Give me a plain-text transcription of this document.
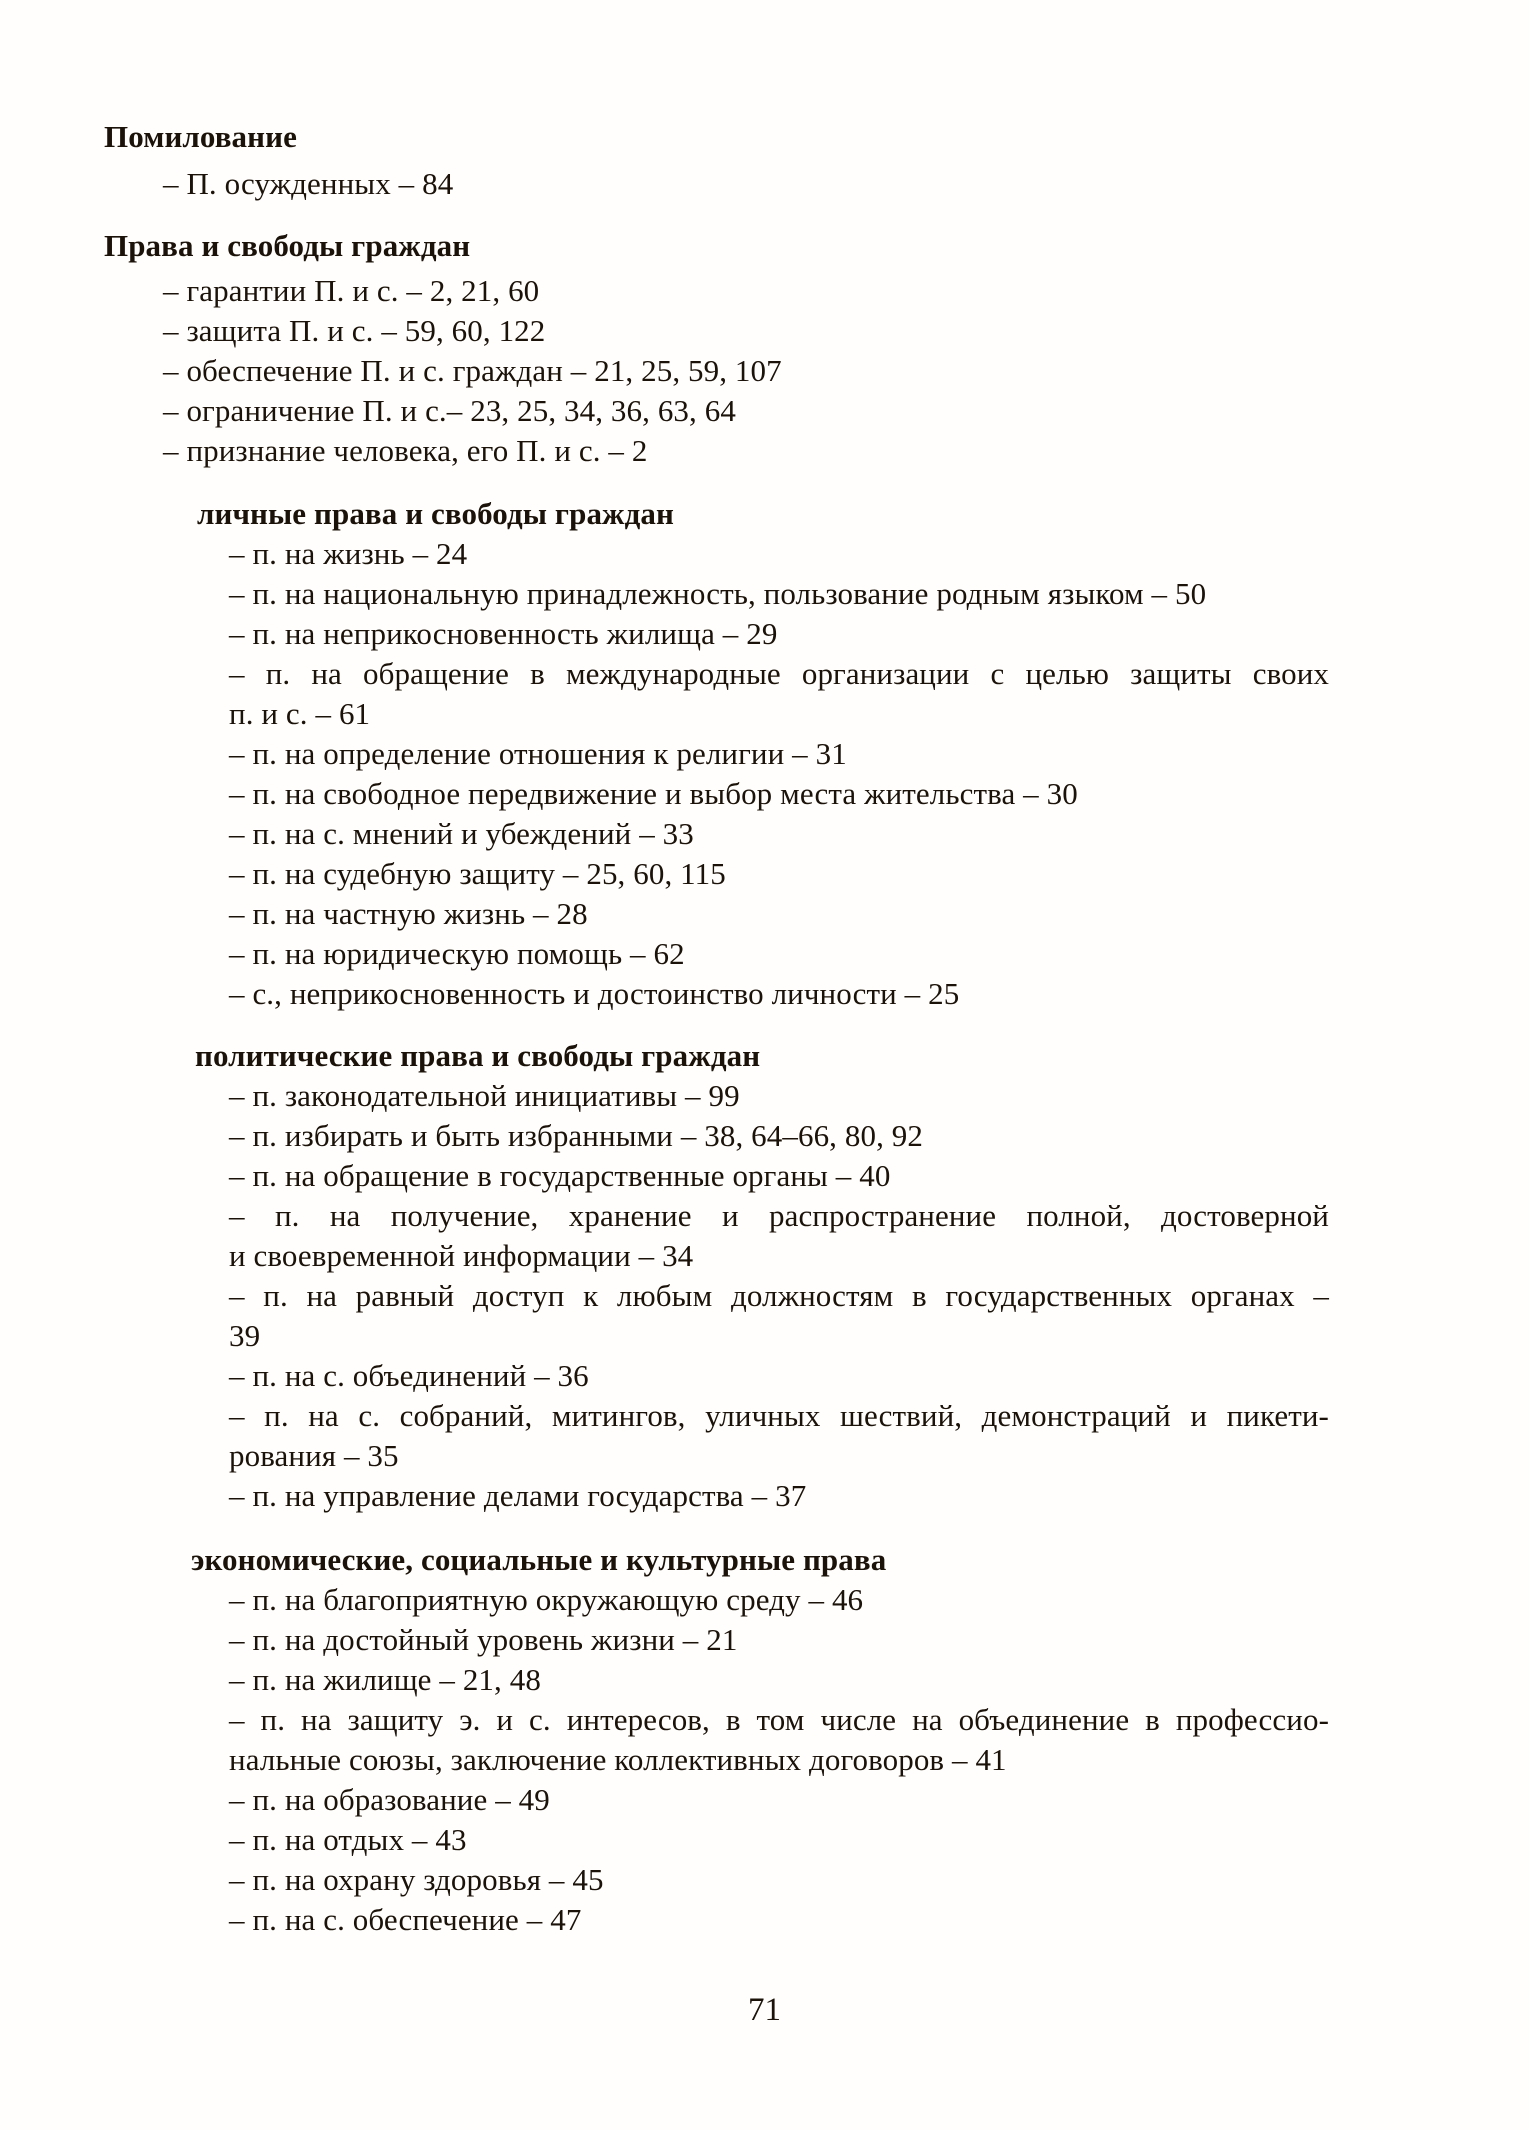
Помилование
– П. осужденных – 84
Права и свободы граждан
– гарантии П. и с. – 2, 21, 60
– защита П. и с. – 59, 60, 122
– обеспечение П. и с. граждан – 21, 25, 59, 107
– ограничение П. и с.– 23, 25, 34, 36, 63, 64
– признание человека, его П. и с. – 2
личные права и свободы граждан
– п. на жизнь – 24
– п. на национальную принадлежность, пользование родным языком – 50
– п. на неприкосновенность жилища – 29
– п. на обращение в международные организации с целью защиты своих
п. и с. – 61
– п. на определение отношения к религии – 31
– п. на свободное передвижение и выбор места жительства – 30
– п. на с. мнений и убеждений – 33
– п. на судебную защиту – 25, 60, 115
– п. на частную жизнь – 28
– п. на юридическую помощь – 62
– с., неприкосновенность и достоинство личности – 25
политические права и свободы граждан
– п. законодательной инициативы – 99
– п. избирать и быть избранными – 38, 64–66, 80, 92
– п. на обращение в государственные органы – 40
– п. на получение, хранение и распространение полной, достоверной
и своевременной информации – 34
– п. на равный доступ к любым должностям в государственных органах –
39
– п. на с. объединений – 36
– п. на с. собраний, митингов, уличных шествий, демонстраций и пикети-
рования – 35
– п. на управление делами государства – 37
экономические, социальные и культурные права
– п. на благоприятную окружающую среду – 46
– п. на достойный уровень жизни – 21
– п. на жилище – 21, 48
– п. на защиту э. и с. интересов, в том числе на объединение в профессио-
нальные союзы, заключение коллективных договоров – 41
– п. на образование – 49
– п. на отдых – 43
– п. на охрану здоровья – 45
– п. на с. обеспечение – 47
71
